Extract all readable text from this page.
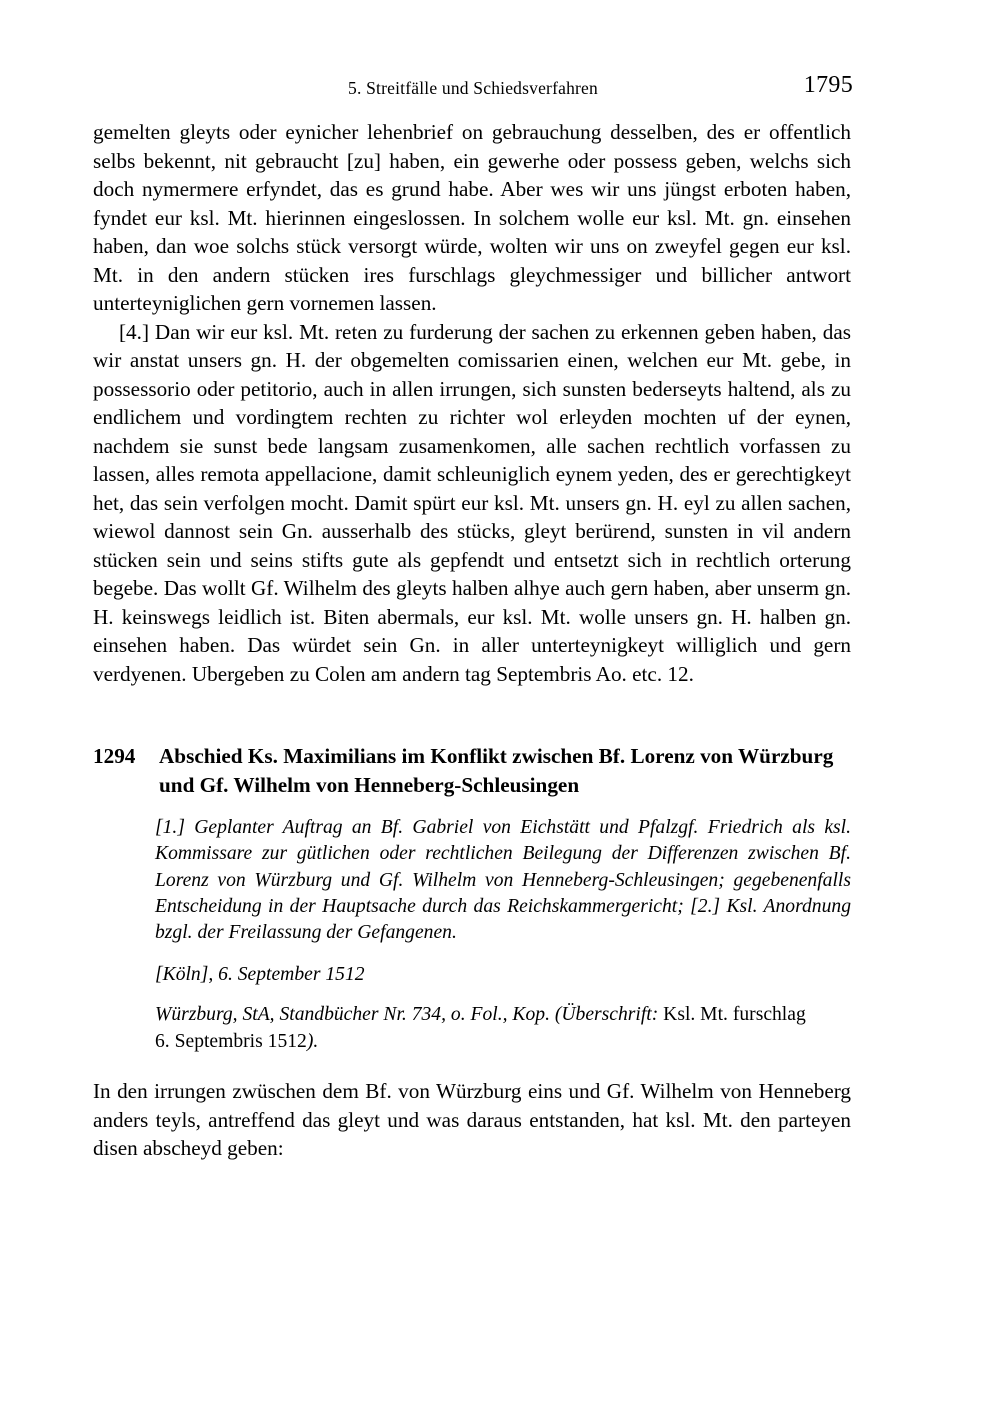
5. Streitfälle und Schiedsverfahren	1795

gemelten gleyts oder eynicher lehenbrief on gebrauchung desselben, des er offentlich selbs bekennt, nit gebraucht [zu] haben, ein gewerhe oder possess geben, welchs sich doch nymermere erfyndet, das es grund habe. Aber wes wir uns jüngst erboten haben, fyndet eur ksl. Mt. hierinnen eingeslossen. In solchem wolle eur ksl. Mt. gn. einsehen haben, dan woe solchs stück versorgt würde, wolten wir uns on zweyfel gegen eur ksl. Mt. in den andern stücken ires furschlags gleychmessiger und billicher antwort unterteyniglichen gern vornemen lassen.

[4.] Dan wir eur ksl. Mt. reten zu furderung der sachen zu erkennen geben haben, das wir anstat unsers gn. H. der obgemelten comissarien einen, welchen eur Mt. gebe, in possessorio oder petitorio, auch in allen irrungen, sich sunsten bederseyts haltend, als zu endlichem und vordingtem rechten zu richter wol erleyden mochten uf der eynen, nachdem sie sunst bede langsam zusamenkomen, alle sachen rechtlich vorfassen zu lassen, alles remota appellacione, damit schleuniglich eynem yeden, des er gerechtigkeyt het, das sein verfolgen mocht. Damit spürt eur ksl. Mt. unsers gn. H. eyl zu allen sachen, wiewol dannost sein Gn. ausserhalb des stücks, gleyt berürend, sunsten in vil andern stücken sein und seins stifts gute als gepfendt und entsetzt sich in rechtlich orterung begebe. Das wollt Gf. Wilhelm des gleyts halben alhye auch gern haben, aber unserm gn. H. keinswegs leidlich ist. Biten abermals, eur ksl. Mt. wolle unsers gn. H. halben gn. einsehen haben. Das würdet sein Gn. in aller unterteynigkeyt williglich und gern verdyenen. Ubergeben zu Colen am andern tag Septembris Ao. etc. 12.

1294	Abschied Ks. Maximilians im Konflikt zwischen Bf. Lorenz von Würzburg und Gf. Wilhelm von Henneberg-Schleusingen
[1.] Geplanter Auftrag an Bf. Gabriel von Eichstätt und Pfalzgf. Friedrich als ksl. Kommissare zur gütlichen oder rechtlichen Beilegung der Differenzen zwischen Bf. Lorenz von Würzburg und Gf. Wilhelm von Henneberg-Schleusingen; gegebenenfalls Entscheidung in der Hauptsache durch das Reichskammergericht; [2.] Ksl. Anordnung bzgl. der Freilassung der Gefangenen.
[Köln], 6. September 1512
Würzburg, StA, Standbücher Nr. 734, o. Fol., Kop. (Überschrift: Ksl. Mt. furschlag
6. Septembris 1512).

In den irrungen zwüschen dem Bf. von Würzburg eins und Gf. Wilhelm von Henneberg anders teyls, antreffend das gleyt und was daraus entstanden, hat ksl. Mt. den parteyen disen abscheyd geben:
